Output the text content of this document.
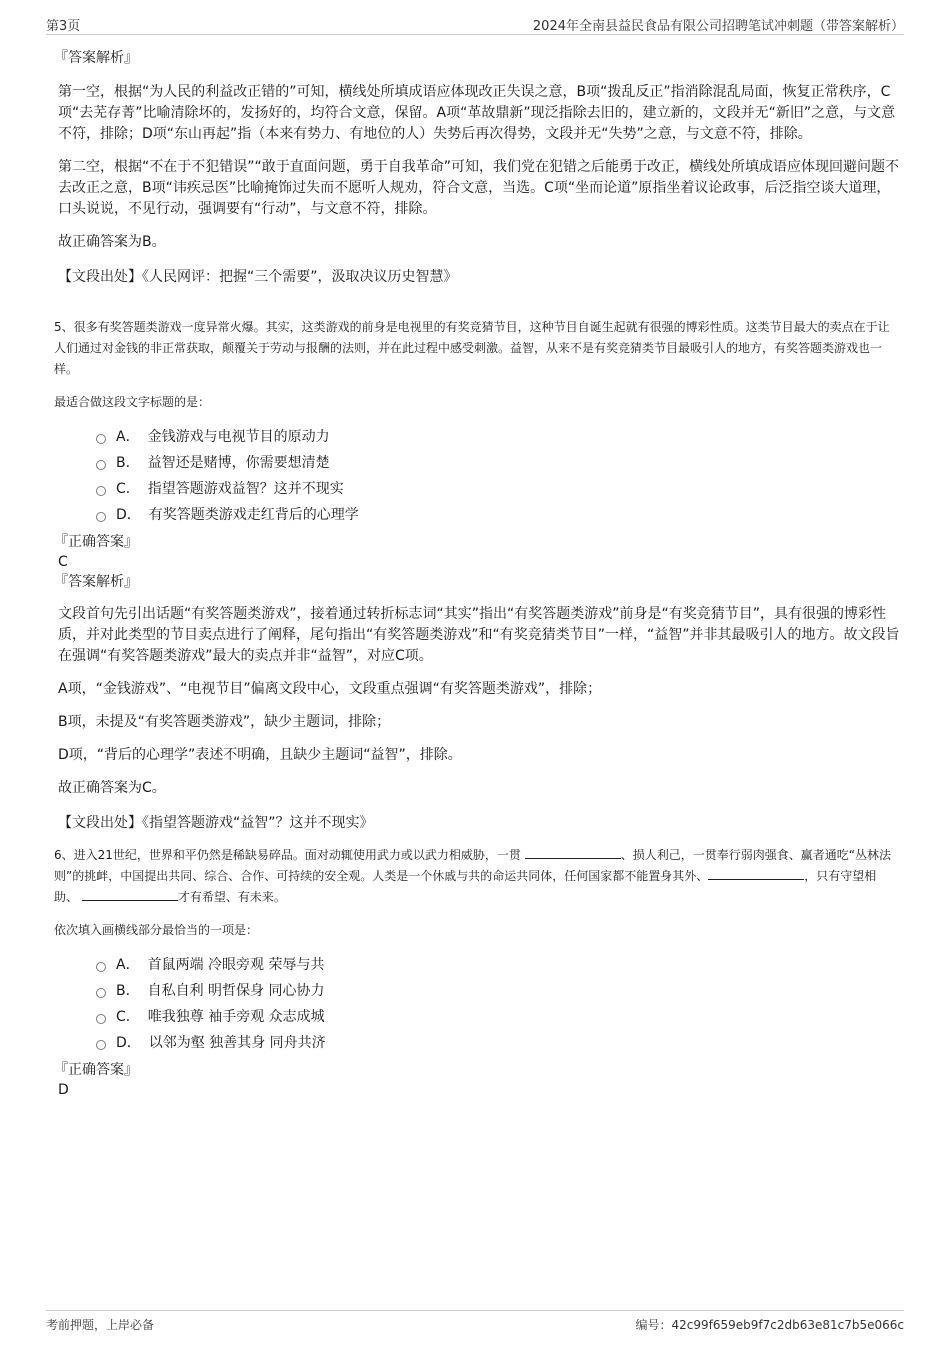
第3页	2024年全南县益民食品有限公司招聘笔试冲刺题（带答案解析）

『答案解析』

第一空，根据“为人民的利益改正错的”可知，横线处所填成语应体现改正失误之意，B项“拨乱反正”指消除混乱局面，恢复正常秩序，C项“去芜存菁”比喻清除坏的，发扬好的，均符合文意，保留。A项“革故鼎新”现泛指除去旧的，建立新的，文段并无“新旧”之意，与文意不符，排除；D项“东山再起”指（本来有势力、有地位的人）失势后再次得势，文段并无“失势”之意，与文意不符，排除。

第二空，根据“不在于不犯错误”“敢于直面问题，勇于自我革命”可知，我们党在犯错之后能勇于改正，横线处所填成语应体现回避问题不去改正之意，B项“讳疾忌医”比喻掩饰过失而不愿听人规劝，符合文意，当选。C项“坐而论道”原指坐着议论政事，后泛指空谈大道理，口头说说，不见行动，强调要有“行动”，与文意不符，排除。

故正确答案为B。

【文段出处】《人民网评：把握“三个需要”，汲取决议历史智慧》

5、很多有奖答题类游戏一度异常火爆。其实，这类游戏的前身是电视里的有奖竞猜节目，这种节目自诞生起就有很强的博彩性质。这类节目最大的卖点在于让人们通过对金钱的非正常获取，颠覆关于劳动与报酬的法则，并在此过程中感受刺激。益智，从来不是有奖竞猜类节目最吸引人的地方，有奖答题类游戏也一样。

最适合做这段文字标题的是：

A． 金钱游戏与电视节目的原动力
B． 益智还是赌博，你需要想清楚
C． 指望答题游戏益智？这并不现实
D． 有奖答题类游戏走红背后的心理学

『正确答案』

C

『答案解析』

文段首句先引出话题“有奖答题类游戏”，接着通过转折标志词“其实”指出“有奖答题类游戏”前身是“有奖竞猜节目”，具有很强的博彩性质，并对此类型的节目卖点进行了阐释，尾句指出“有奖答题类游戏”和“有奖竞猜类节目”一样，“益智”并非其最吸引人的地方。故文段旨在强调“有奖答题类游戏”最大的卖点并非“益智”，对应C项。

A项，“金钱游戏”、“电视节目”偏离文段中心，文段重点强调“有奖答题类游戏”，排除；

B项，未提及“有奖答题类游戏”，缺少主题词，排除；

D项，“背后的心理学”表述不明确，且缺少主题词“益智”，排除。

故正确答案为C。

【文段出处】《指望答题游戏“益智”？这并不现实》

6、进入21世纪，世界和平仍然是稀缺易碎品。面对动辄使用武力或以武力相威胁，一贯	、损人利己，一贯奉行弱肉强食、赢者通吃“丛林法则”的挑衅，中国提出共同、综合、合作、可持续的安全观。人类是一个休戚与共的命运共同体，任何国家都不能置身其外、	，只有守望相助、	才有希望、有未来。

依次填入画横线部分最恰当的一项是：

A． 首鼠两端 冷眼旁观 荣辱与共
B． 自私自利 明哲保身 同心协力
C． 唯我独尊 袖手旁观 众志成城
D． 以邻为壑 独善其身 同舟共济

『正确答案』

D

考前押题，上岸必备	编号：42c99f659eb9f7c2db63e81c7b5e066c
